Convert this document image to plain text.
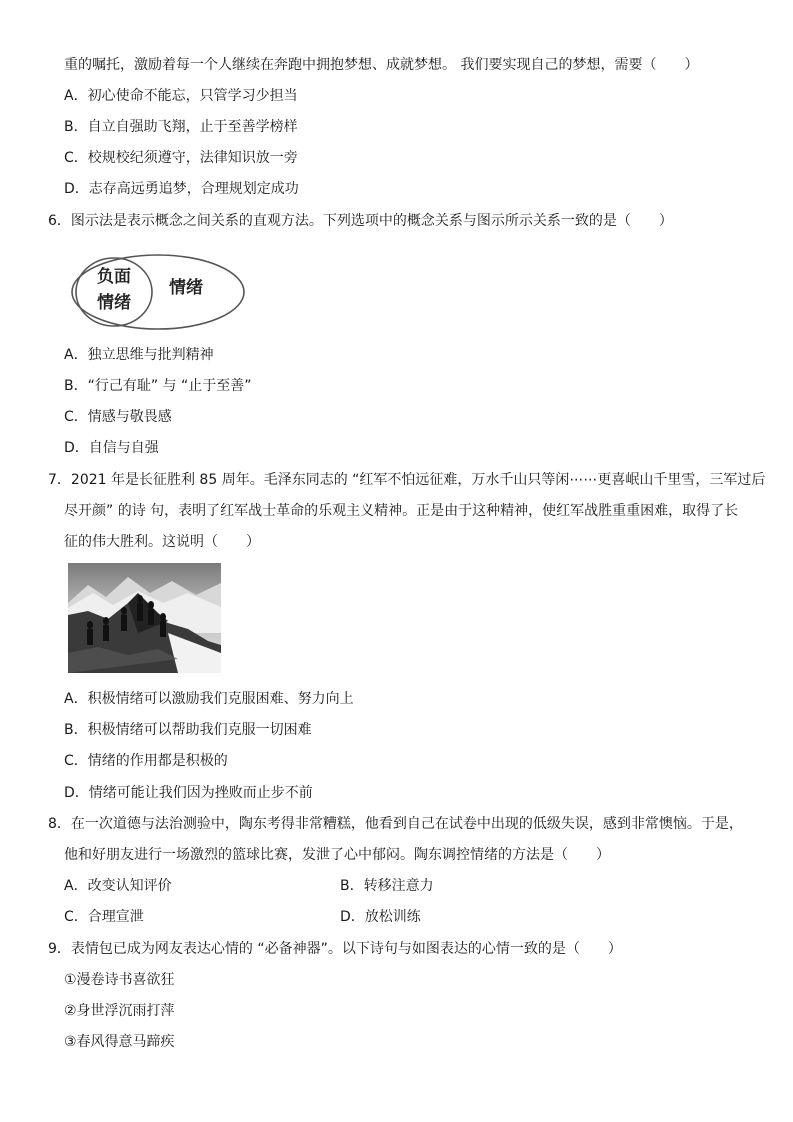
重的嘱托，激励着每一个人继续在奔跑中拥抱梦想、成就梦想。 我们要实现自己的梦想，需要（　　）
A．初心使命不能忘，只管学习少担当
B．自立自强助飞翔，止于至善学榜样
C．校规校纪须遵守，法律知识放一旁
D．志存高远勇追梦，合理规划定成功
6．图示法是表示概念之间关系的直观方法。下列选项中的概念关系与图示所示关系一致的是（　　）
负面
情绪
情绪
A．独立思维与批判精神
B．“行己有耻” 与 “止于至善”
C．情感与敬畏感
D．自信与自强
7．2021 年是长征胜利 85 周年。毛泽东同志的 “红军不怕远征难，万水千山只等闲⋯⋯更喜岷山千里雪，三军过后
尽开颜” 的诗 句，表明了红军战士革命的乐观主义精神。正是由于这种精神，使红军战胜重重困难，取得了长
征的伟大胜利。这说明（　　）
A．积极情绪可以激励我们克服困难、努力向上
B．积极情绪可以帮助我们克服一切困难
C．情绪的作用都是积极的
D．情绪可能让我们因为挫败而止步不前
8．在一次道德与法治测验中，陶东考得非常糟糕，他看到自己在试卷中出现的低级失误，感到非常懊恼。于是，
他和好朋友进行一场激烈的篮球比赛，发泄了心中郁闷。陶东调控情绪的方法是（　　）
A．改变认知评价	B．转移注意力
C．合理宣泄	D．放松训练
9．表情包已成为网友表达心情的 “必备神器”。以下诗句与如图表达的心情一致的是（　　）
①漫卷诗书喜欲狂
②身世浮沉雨打萍
③春风得意马蹄疾
